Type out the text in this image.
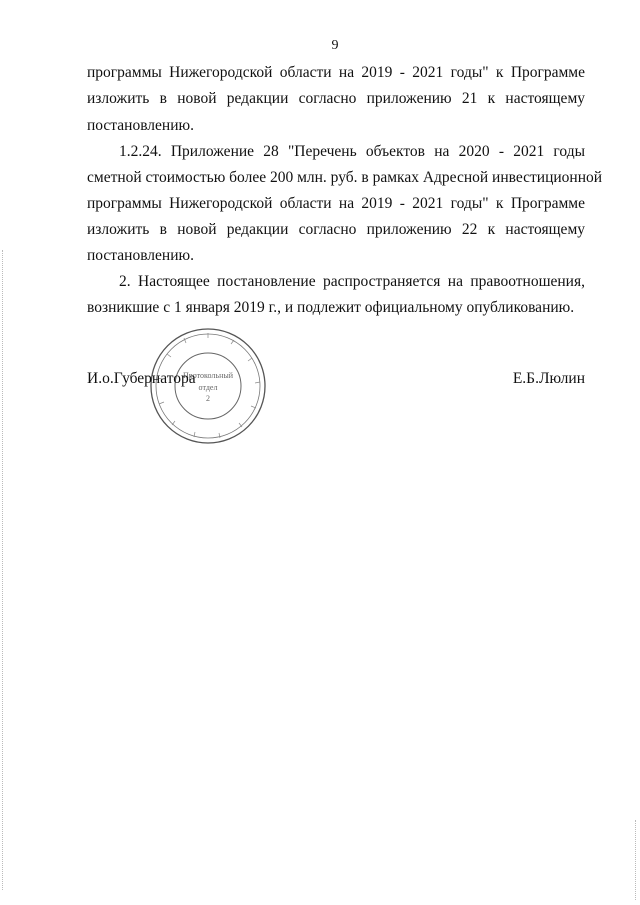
9
программы Нижегородской области на 2019 - 2021 годы" к Программе
изложить в новой редакции согласно приложению 21 к настоящему
постановлению.
1.2.24. Приложение 28 "Перечень объектов на 2020 - 2021 годы
сметной стоимостью более 200 млн. руб. в рамках Адресной инвестиционной
программы Нижегородской области на 2019 - 2021 годы" к Программе
изложить в новой редакции согласно приложению 22 к настоящему
постановлению.
2. Настоящее постановление распространяется на правоотношения,
возникшие с 1 января 2019 г., и подлежит официальному опубликованию.
Протокольный
отдел
2
И.о.Губернатора	Е.Б.Люлин
